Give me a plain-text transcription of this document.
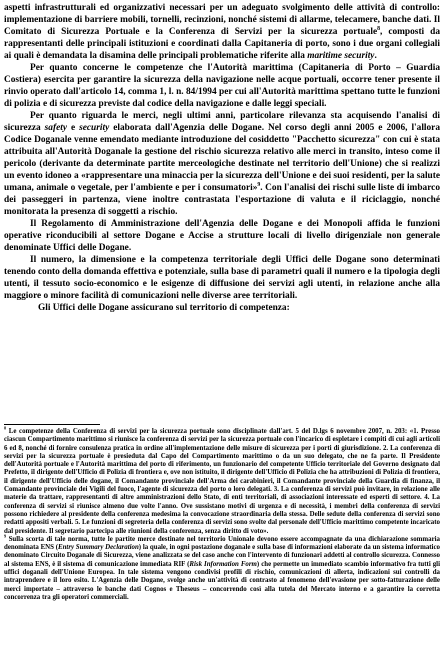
aspetti infrastrutturali ed organizzativi necessari per un adeguato svolgimento delle attività di controllo: implementazione di barriere mobili, tornelli, recinzioni, nonché sistemi di allarme, telecamere, banche dati. Il Comitato di Sicurezza Portuale e la Conferenza di Servizi per la sicurezza portuale$^8$, composti da rappresentanti delle principali istituzioni e coordinati dalla Capitaneria di porto, sono i due organi collegiali ai quali è demandata la disamina delle principali problematiche riferite alla maritime security.

Per quanto concerne le competenze che l'Autorità marittima (Capitaneria di Porto – Guardia Costiera) esercita per garantire la sicurezza della navigazione nelle acque portuali, occorre tener presente il rinvio operato dall'articolo 14, comma 1, l. n. 84/1994 per cui all'Autorità marittima spettano tutte le funzioni di polizia e di sicurezza previste dal codice della navigazione e dalle leggi speciali.

Per quanto riguarda le merci, negli ultimi anni, particolare rilevanza sta acquisendo l'analisi di sicurezza safety e security elaborata dall'Agenzia delle Dogane. Nel corso degli anni 2005 e 2006, l'allora Codice Doganale venne emendato mediante introduzione del cosiddetto "Pacchetto sicurezza" con cui è stata attribuita all'Autorità Doganale la gestione del rischio sicurezza relativo alle merci in transito, inteso come il pericolo (derivante da determinate partite merceologiche destinate nel territorio dell'Unione) che si realizzi un evento idoneo a «rappresentare una minaccia per la sicurezza dell'Unione e dei suoi residenti, per la salute umana, animale o vegetale, per l'ambiente e per i consumatori»$^9$. Con l'analisi dei rischi sulle liste di imbarco dei passeggeri in partenza, viene inoltre contrastata l'esportazione di valuta e il riciclaggio, nonché monitorata la presenza di soggetti a rischio.

Il Regolamento di Amministrazione dell'Agenzia delle Dogane e dei Monopoli affida le funzioni operative riconducibili al settore Dogane e Accise a strutture locali di livello dirigenziale non generale denominate Uffici delle Dogane.

Il numero, la dimensione e la competenza territoriale degli Uffici delle Dogane sono determinati tenendo conto della domanda effettiva e potenziale, sulla base di parametri quali il numero e la tipologia degli utenti, il tessuto socio-economico e le esigenze di diffusione dei servizi agli utenti, in relazione anche alla maggiore o minore facilità di comunicazioni nelle diverse aree territoriali.

Gli Uffici delle Dogane assicurano sul territorio di competenza:

$^8$ Le competenze della Conferenza di servizi per la sicurezza portuale sono disciplinate dall'art. 5 del D.lgs 6 novembre 2007, n. 203: «1. Presso ciascun Compartimento marittimo si riunisce la conferenza di servizi per la sicurezza portuale con l'incarico di espletare i compiti di cui agli articoli 6 ed 8, nonché di fornire consulenza pratica in ordine all'implementazione delle misure di sicurezza per i porti di giurisdizione. 2. La conferenza di servizi per la sicurezza portuale è presieduta dal Capo del Compartimento marittimo o da un suo delegato, che ne fa parte. Il Presidente dell'Autorità portuale e l'Autorità marittima del porto di riferimento, un funzionario del competente Ufficio territoriale del Governo designato dal Prefetto, il dirigente dell'Ufficio di Polizia di frontiera e, ove non istituito, il dirigente dell'Ufficio di Polizia che ha attribuzioni di Polizia di frontiera, il dirigente dell'Ufficio delle dogane, il Comandante provinciale dell'Arma dei carabinieri, il Comandante provinciale della Guardia di finanza, il Comandante provinciale dei Vigili del fuoco, l'agente di sicurezza del porto o loro delegati. 3. La conferenza di servizi può invitare, in relazione alle materie da trattare, rappresentanti di altre amministrazioni dello Stato, di enti territoriali, di associazioni interessate ed esperti di settore. 4. La conferenza di servizi si riunisce almeno due volte l'anno. Ove sussistano motivi di urgenza e di necessità, i membri della conferenza di servizi possono richiedere al presidente della conferenza medesima la convocazione straordinaria della stessa. Delle sedute della conferenza di servizi sono redatti appositi verbali. 5. Le funzioni di segreteria della conferenza di servizi sono svolte dal personale dell'Ufficio marittimo competente incaricato dal presidente. Il segretario partecipa alle riunioni della conferenza, senza diritto di voto».

$^9$ Sulla scorta di tale norma, tutte le partite merce destinate nel territorio Unionale devono essere accompagnate da una dichiarazione sommaria denominata ENS (Entry Summary Declaration) la quale, in ogni postazione doganale e sulla base di informazioni elaborate da un sistema informatico denominato Circuito Doganale di Sicurezza, viene analizzata se del caso anche con l'intervento di funzionari addetti al controllo sicurezza. Connesso al sistema ENS, è il sistema di comunicazione immediata RIF (Risk Information Form) che permette un immediato scambio informativo fra tutti gli uffici doganali dell'Unione Europea. In tale sistema vengono condivisi profili di rischio, comunicazioni di allerta, indicazioni sui controlli da intraprendere e il loro esito. L'Agenzia delle Dogane, svolge anche un'attività di contrasto al fenomeno dell'evasione per sotto-fatturazione delle merci importate – attraverso le banche dati Cognos e Theseus – concorrendo così alla tutela del Mercato interno e a garantire la corretta concorrenza tra gli operatori commerciali.
